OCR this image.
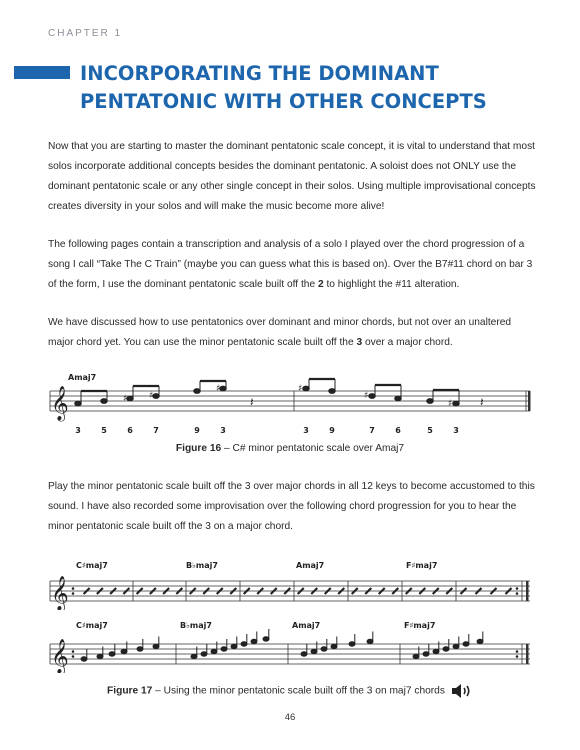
CHAPTER 1
INCORPORATING THE DOMINANT PENTATONIC WITH OTHER CONCEPTS
Now that you are starting to master the dominant pentatonic scale concept, it is vital to understand that most solos incorporate additional concepts besides the dominant pentatonic. A soloist does not ONLY use the dominant pentatonic scale or any other single concept in their solos. Using multiple improvisational concepts creates diversity in your solos and will make the music become more alive!
The following pages contain a transcription and analysis of a solo I played over the chord progression of a song I call “Take The C Train” (maybe you can guess what this is based on). Over the B7#11 chord on bar 3 of the form, I use the dominant pentatonic scale built off the 2 to highlight the #11 alteration.
We have discussed how to use pentatonics over dominant and minor chords, but not over an unaltered major chord yet. You can use the minor pentatonic scale built off the 3 over a major chord.
𝄞
Amaj7
♯ ♯
♯	♯
♯
♯
𝄽	𝄽
3	5	6	7	9	3	3	9	7	6	5	3
Figure 16 – C# minor pentatonic scale over Amaj7
Play the minor pentatonic scale built off the 3 over major chords in all 12 keys to become accustomed to this sound. I have also recorded some improvisation over the following chord progression for you to hear the minor pentatonic scale built off the 3 on a major chord.
𝄞
C♯maj7	B♭maj7	Amaj7	F♯maj7
𝄞
C♯maj7	B♭maj7	Amaj7	F♯maj7
Figure 17 – Using the minor pentatonic scale built off the 3 on maj7 chords
46
